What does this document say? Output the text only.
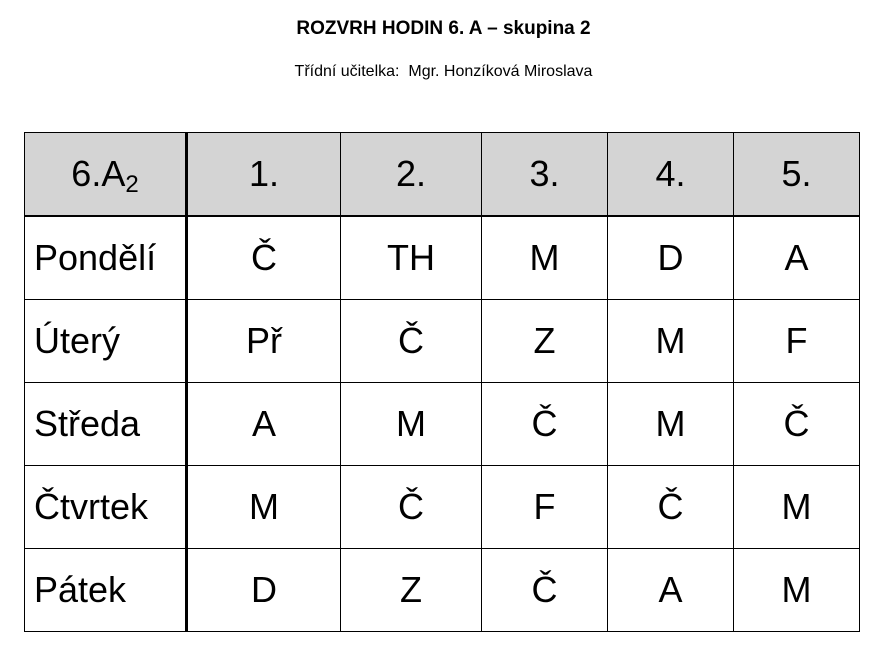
ROZVRH HODIN 6. A – skupina 2
Třídní učitelka:  Mgr. Honzíková Miroslava
$6.A_2$	1.	2.	3.	4.	5.
Pondělí	Č	TH	M	D	A
Úterý	Př	Č	Z	M	F
Středa	A	M	Č	M	Č
Čtvrtek	M	Č	F	Č	M
Pátek	D	Z	Č	A	M
